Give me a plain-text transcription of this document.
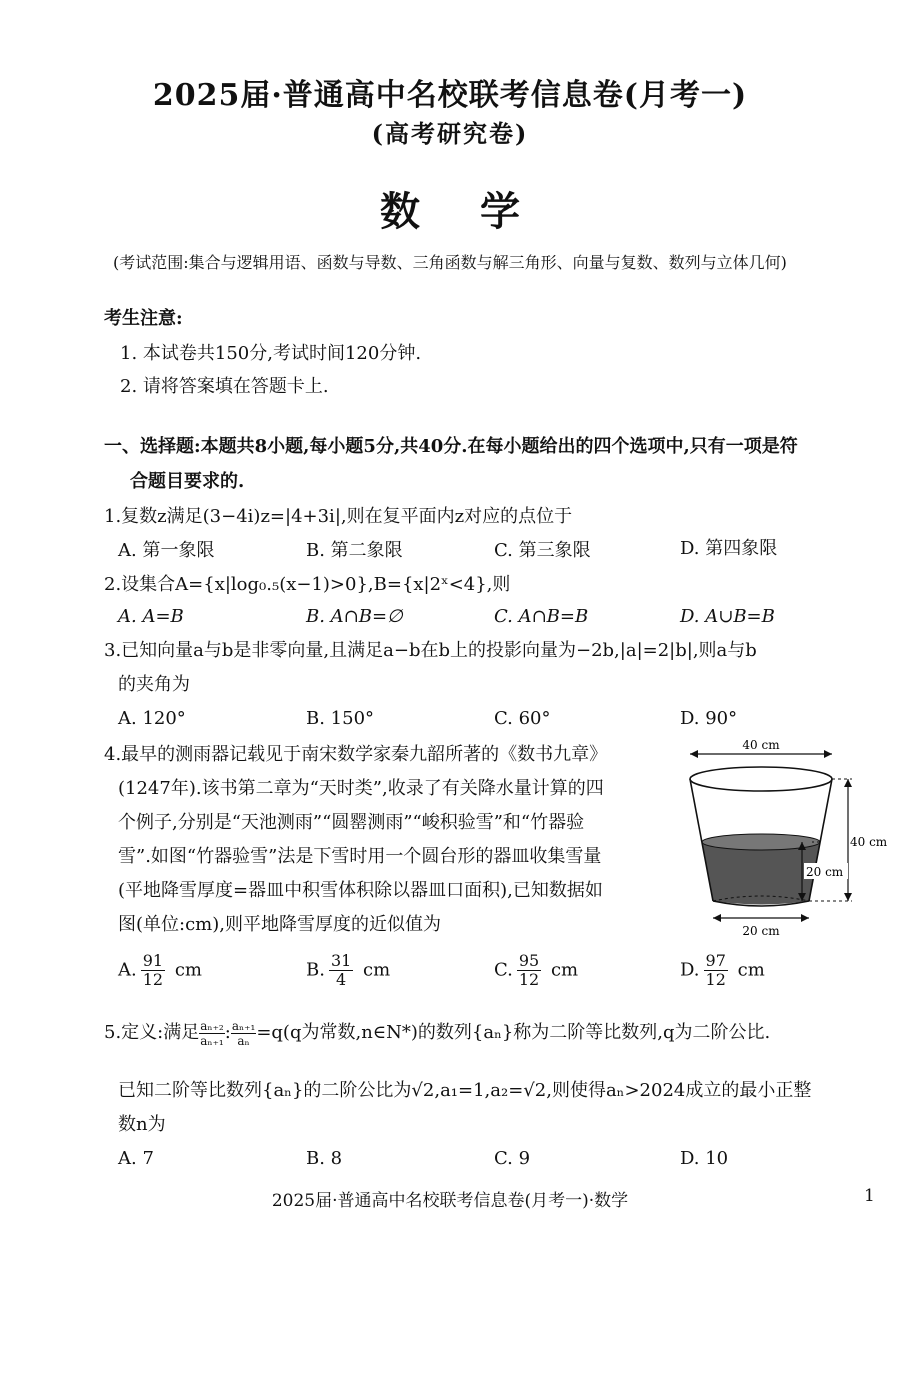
2025届·普通高中名校联考信息卷(月考一)
(高考研究卷)
数学
(考试范围:集合与逻辑用语、函数与导数、三角函数与解三角形、向量与复数、数列与立体几何)
考生注意:
1. 本试卷共150分,考试时间120分钟.
2. 请将答案填在答题卡上.
一、选择题:本题共8小题,每小题5分,共40分.在每小题给出的四个选项中,只有一项是符
合题目要求的.
1.复数z满足(3−4i)z=|4+3i|,则在复平面内z对应的点位于
A. 第一象限	B. 第二象限	C. 第三象限	D. 第四象限
2.设集合A={x|log₀.₅(x−1)>0},B={x|2ˣ<4},则
A. A=B	B. A∩B=∅	C. A∩B=B	D. A∪B=B
3.已知向量a与b是非零向量,且满足a−b在b上的投影向量为−2b,|a|=2|b|,则a与b
的夹角为
A. 120°	B. 150°	C. 60°	D. 90°
4.最早的测雨器记载见于南宋数学家秦九韶所著的《数书九章》
(1247年).该书第二章为“天时类”,收录了有关降水量计算的四
个例子,分别是“天池测雨”“圆罂测雨”“峻积验雪”和“竹器验
雪”.如图“竹器验雪”法是下雪时用一个圆台形的器皿收集雪量
(平地降雪厚度=器皿中积雪体积除以器皿口面积),已知数据如
图(单位:cm),则平地降雪厚度的近似值为
40 cm
40 cm
20 cm
20 cm
A. $\frac{91}{12}$ cm	B. $\frac{31}{4}$ cm	C. $\frac{95}{12}$ cm	D. $\frac{97}{12}$ cm
5.定义:满足 $\frac{\text{aₙ₊₂}}{\text{aₙ₊₁}}$ : $\frac{\text{aₙ₊₁}}{\text{aₙ}} =q(q$为常数,n∈N*)的数列{aₙ}称为二阶等比数列,q为二阶公比.
已知二阶等比数列{aₙ}的二阶公比为√2,a₁=1,a₂=√2,则使得aₙ>2024成立的最小正整
数n为
A. 7	B. 8	C. 9	D. 10
2025届·普通高中名校联考信息卷(月考一)·数学	1
